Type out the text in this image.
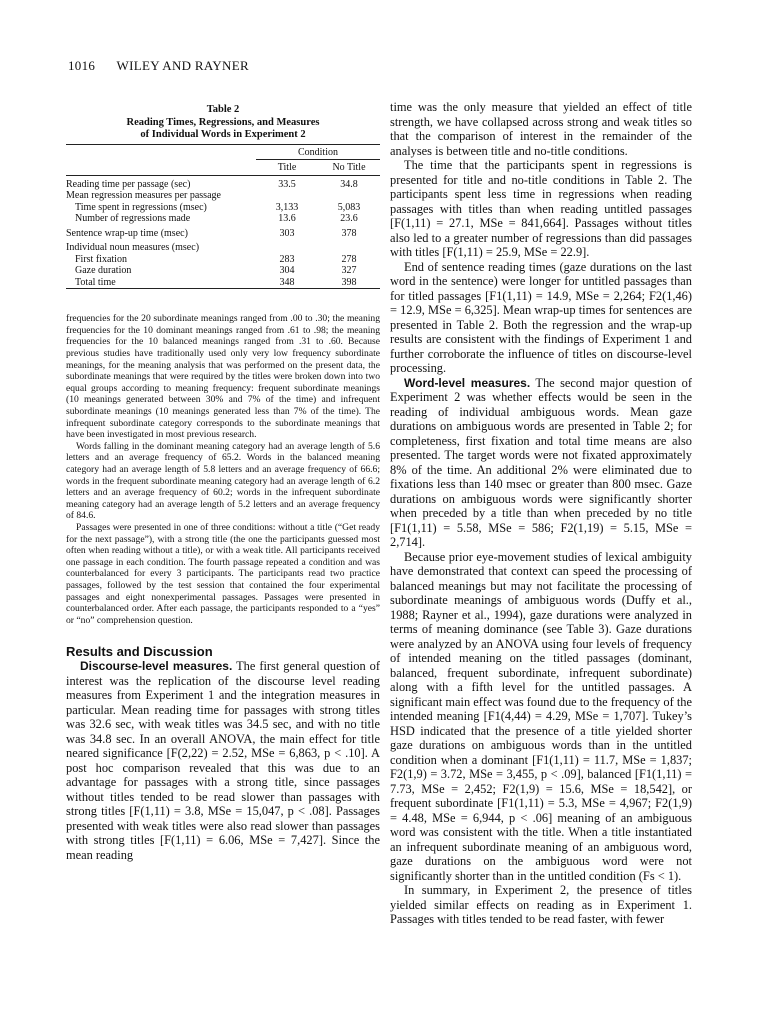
1016 WILEY AND RAYNER
Table 2
Reading Times, Regressions, and Measures
of Individual Words in Experiment 2

	Condition	
	Title	No Title
Reading time per passage (sec)	33.5	34.8
Mean regression measures per passage		
Time spent in regressions (msec)	3,133	5,083
Number of regressions made	13.6	23.6
Sentence wrap-up time (msec)	303	378
Individual noun measures (msec)		
First fixation	283	278
Gaze duration	304	327
Total time	348	398

frequencies for the 20 subordinate meanings ranged from .00 to .30; the meaning frequencies for the 10 dominant meanings ranged from .61 to .98; the meaning frequencies for the 10 balanced meanings ranged from .31 to .60. Because previous studies have traditionally used only very low frequency subordinate meanings, for the meaning analysis that was performed on the present data, the subordinate meanings that were required by the titles were broken down into two equal groups according to meaning frequency: frequent subordinate meanings (10 meanings generated between 30% and 7% of the time) and infrequent subordinate meanings (10 meanings generated less than 7% of the time). The infrequent subordinate category corresponds to the subordinate meanings that have been investigated in most previous research.

Words falling in the dominant meaning category had an average length of 5.6 letters and an average frequency of 65.2. Words in the balanced meaning category had an average length of 5.8 letters and an average frequency of 66.6; words in the frequent subordinate meaning category had an average length of 6.2 letters and an average frequency of 60.2; words in the infrequent subordinate meaning category had an average length of 5.2 letters and an average frequency of 84.6.

Passages were presented in one of three conditions: without a title (“Get ready for the next passage”), with a strong title (the one the participants guessed most often when reading without a title), or with a weak title. All participants received one passage in each condition. The fourth passage repeated a condition and was counterbalanced for every 3 participants. The participants read two practice passages, followed by the test session that contained the four experimental passages and eight nonexperimental passages. Passages were presented in counterbalanced order. After each passage, the participants responded to a “yes” or “no” comprehension question.

Results and Discussion

Discourse-level measures. The first general question of interest was the replication of the discourse level reading measures from Experiment 1 and the integration measures in particular. Mean reading time for passages with strong titles was 32.6 sec, with weak titles was 34.5 sec, and with no title was 34.8 sec. In an overall ANOVA, the main effect for title neared significance [F(2,22) = 2.52, MSe = 6,863, p < .10]. A post hoc comparison revealed that this was due to an advantage for passages with a strong title, since passages without titles tended to be read slower than passages with strong titles [F(1,11) = 3.8, MSe = 15,047, p < .08]. Passages presented with weak titles were also read slower than passages with strong titles [F(1,11) = 6.06, MSe = 7,427]. Since the mean reading

time was the only measure that yielded an effect of title strength, we have collapsed across strong and weak titles so that the comparison of interest in the remainder of the analyses is between title and no-title conditions.

The time that the participants spent in regressions is presented for title and no-title conditions in Table 2. The participants spent less time in regressions when reading passages with titles than when reading untitled passages [F(1,11) = 27.1, MSe = 841,664]. Passages without titles also led to a greater number of regressions than did passages with titles [F(1,11) = 25.9, MSe = 22.9].

End of sentence reading times (gaze durations on the last word in the sentence) were longer for untitled passages than for titled passages [F1(1,11) = 14.9, MSe = 2,264; F2(1,46) = 12.9, MSe = 6,325]. Mean wrap-up times for sentences are presented in Table 2. Both the regression and the wrap-up results are consistent with the findings of Experiment 1 and further corroborate the influence of titles on discourse-level processing.

Word-level measures. The second major question of Experiment 2 was whether effects would be seen in the reading of individual ambiguous words. Mean gaze durations on ambiguous words are presented in Table 2; for completeness, first fixation and total time means are also presented. The target words were not fixated approximately 8% of the time. An additional 2% were eliminated due to fixations less than 140 msec or greater than 800 msec. Gaze durations on ambiguous words were significantly shorter when preceded by a title than when preceded by no title [F1(1,11) = 5.58, MSe = 586; F2(1,19) = 5.15, MSe = 2,714].

Because prior eye-movement studies of lexical ambiguity have demonstrated that context can speed the processing of balanced meanings but may not facilitate the processing of subordinate meanings of ambiguous words (Duffy et al., 1988; Rayner et al., 1994), gaze durations were analyzed in terms of meaning dominance (see Table 3). Gaze durations were analyzed by an ANOVA using four levels of frequency of intended meaning on the titled passages (dominant, balanced, frequent subordinate, infrequent subordinate) along with a fifth level for the untitled passages. A significant main effect was found due to the frequency of the intended meaning [F1(4,44) = 4.29, MSe = 1,707]. Tukey’s HSD indicated that the presence of a title yielded shorter gaze durations on ambiguous words than in the untitled condition when a dominant [F1(1,11) = 11.7, MSe = 1,837; F2(1,9) = 3.72, MSe = 3,455, p < .09], balanced [F1(1,11) = 7.73, MSe = 2,452; F2(1,9) = 15.6, MSe = 18,542], or frequent subordinate [F1(1,11) = 5.3, MSe = 4,967; F2(1,9) = 4.48, MSe = 6,944, p < .06] meaning of an ambiguous word was consistent with the title. When a title instantiated an infrequent subordinate meaning of an ambiguous word, gaze durations on the ambiguous word were not significantly shorter than in the untitled condition (Fs < 1).

In summary, in Experiment 2, the presence of titles yielded similar effects on reading as in Experiment 1. Passages with titles tended to be read faster, with fewer
